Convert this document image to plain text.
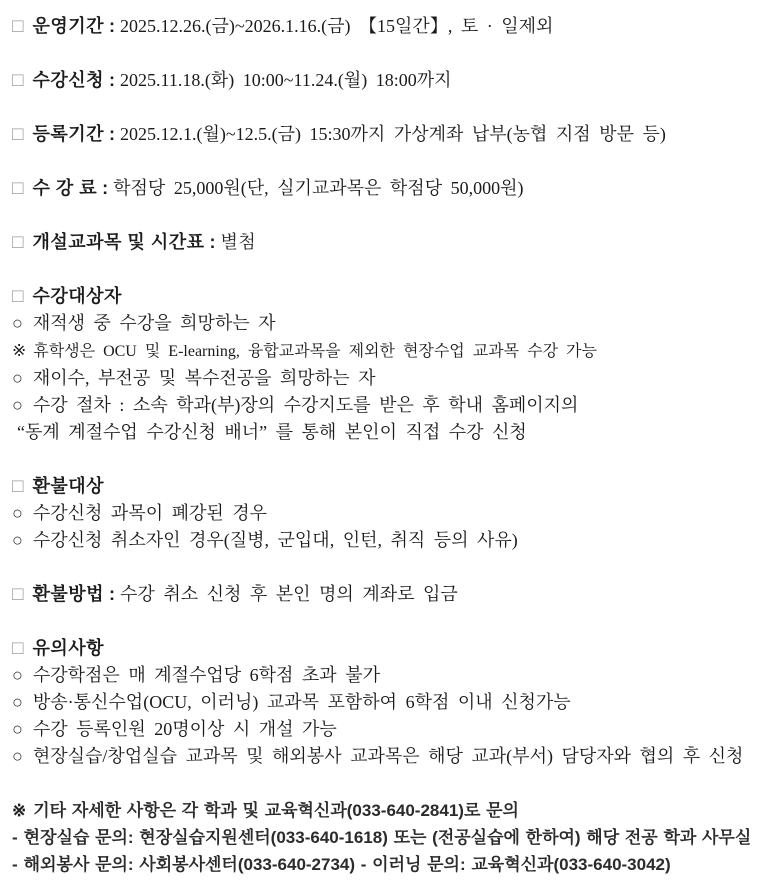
□ 운영기간 : 2025.12.26.(금)~2026.1.16.(금) 【15일간】, 토 · 일제외
□ 수강신청 : 2025.11.18.(화) 10:00~11.24.(월) 18:00까지
□ 등록기간 : 2025.12.1.(월)~12.5.(금) 15:30까지 가상계좌 납부(농협 지점 방문 등)
□ 수 강 료 : 학점당 25,000원(단, 실기교과목은 학점당 50,000원)
□ 개설교과목 및 시간표 : 별첨
□ 수강대상자
○ 재적생 중 수강을 희망하는 자
※ 휴학생은 OCU 및 E-learning, 융합교과목을 제외한 현장수업 교과목 수강 가능
○ 재이수, 부전공 및 복수전공을 희망하는 자
○ 수강 절차 : 소속 학과(부)장의 수강지도를 받은 후 학내 홈페이지의
“동계 계절수업 수강신청 배너” 를 통해 본인이 직접 수강 신청
□ 환불대상
○ 수강신청 과목이 폐강된 경우
○ 수강신청 취소자인 경우(질병, 군입대, 인턴, 취직 등의 사유)
□ 환불방법 : 수강 취소 신청 후 본인 명의 계좌로 입금
□ 유의사항
○ 수강학점은 매 계절수업당 6학점 초과 불가
○ 방송·통신수업(OCU, 이러닝) 교과목 포함하여 6학점 이내 신청가능
○ 수강 등록인원 20명이상 시 개설 가능
○ 현장실습/창업실습 교과목 및 해외봉사 교과목은 해당 교과(부서) 담당자와 협의 후 신청
※ 기타 자세한 사항은 각 학과 및 교육혁신과(033-640-2841)로 문의
- 현장실습 문의: 현장실습지원센터(033-640-1618) 또는 (전공실습에 한하여) 해당 전공 학과 사무실
- 해외봉사 문의: 사회봉사센터(033-640-2734) - 이러닝 문의: 교육혁신과(033-640-3042)
